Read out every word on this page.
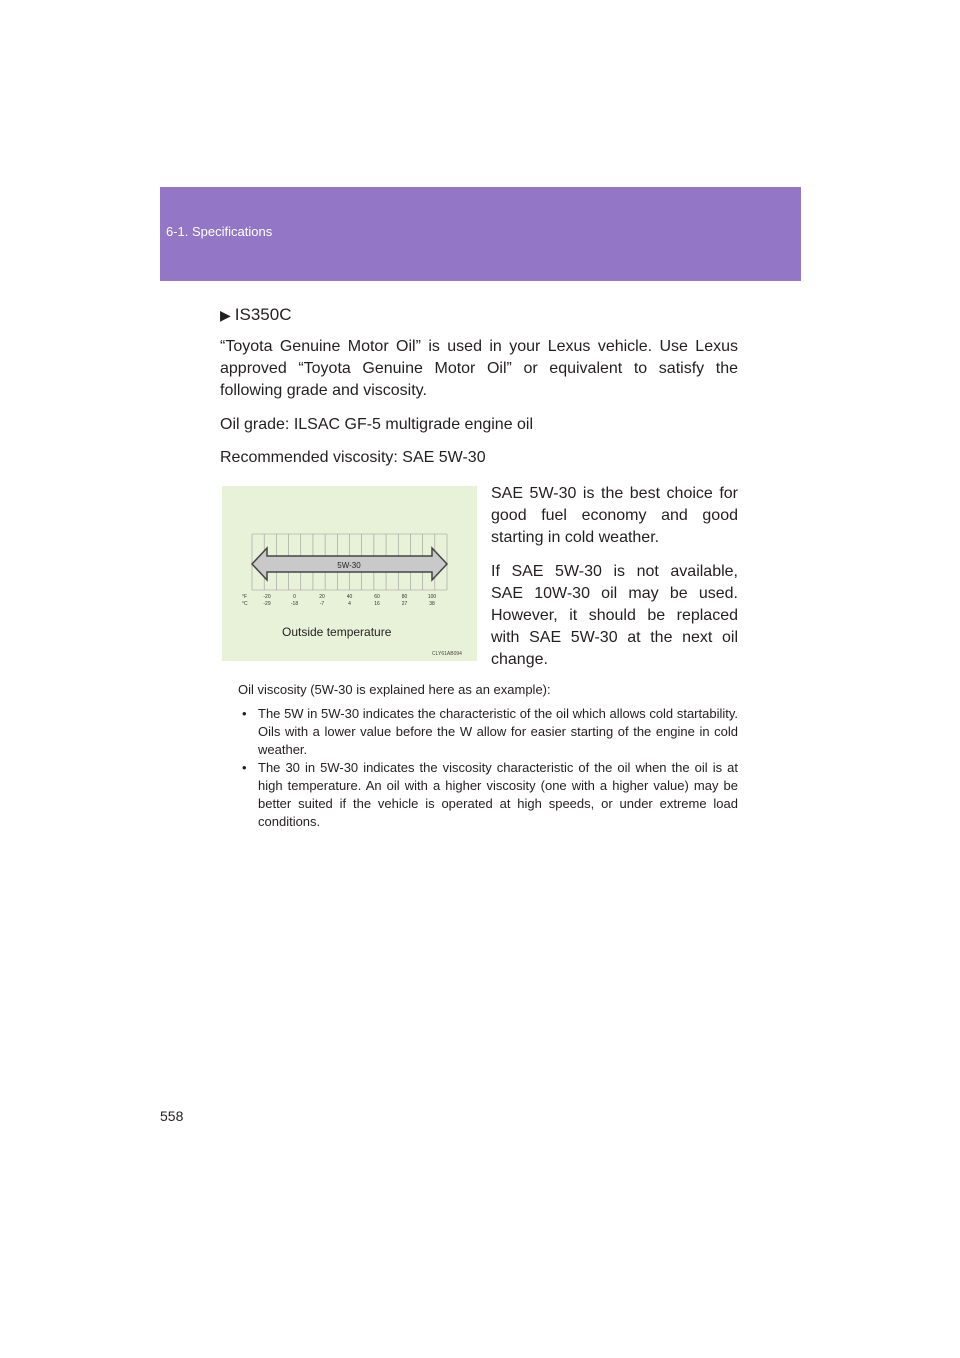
6-1. Specifications
▶ IS350C
“Toyota Genuine Motor Oil” is used in your Lexus vehicle. Use Lexus approved “Toyota Genuine Motor Oil” or equivalent to satisfy the following grade and viscosity.
Oil grade: ILSAC GF-5 multigrade engine oil
Recommended viscosity: SAE 5W-30
5W-30
°F
°C
-20	0	20	40	60	80	100
-29	-18	-7	4	16	27	38
Outside temperature
CLY61AB094
SAE 5W-30 is the best choice for good fuel economy and good starting in cold weather.
If SAE 5W-30 is not available, SAE 10W-30 oil may be used. However, it should be replaced with SAE 5W-30 at the next oil change.
Oil viscosity (5W-30 is explained here as an example):
• The 5W in 5W-30 indicates the characteristic of the oil which allows cold startability. Oils with a lower value before the W allow for easier starting of the engine in cold weather.
• The 30 in 5W-30 indicates the viscosity characteristic of the oil when the oil is at high temperature. An oil with a higher viscosity (one with a higher value) may be better suited if the vehicle is operated at high speeds, or under extreme load conditions.
558
